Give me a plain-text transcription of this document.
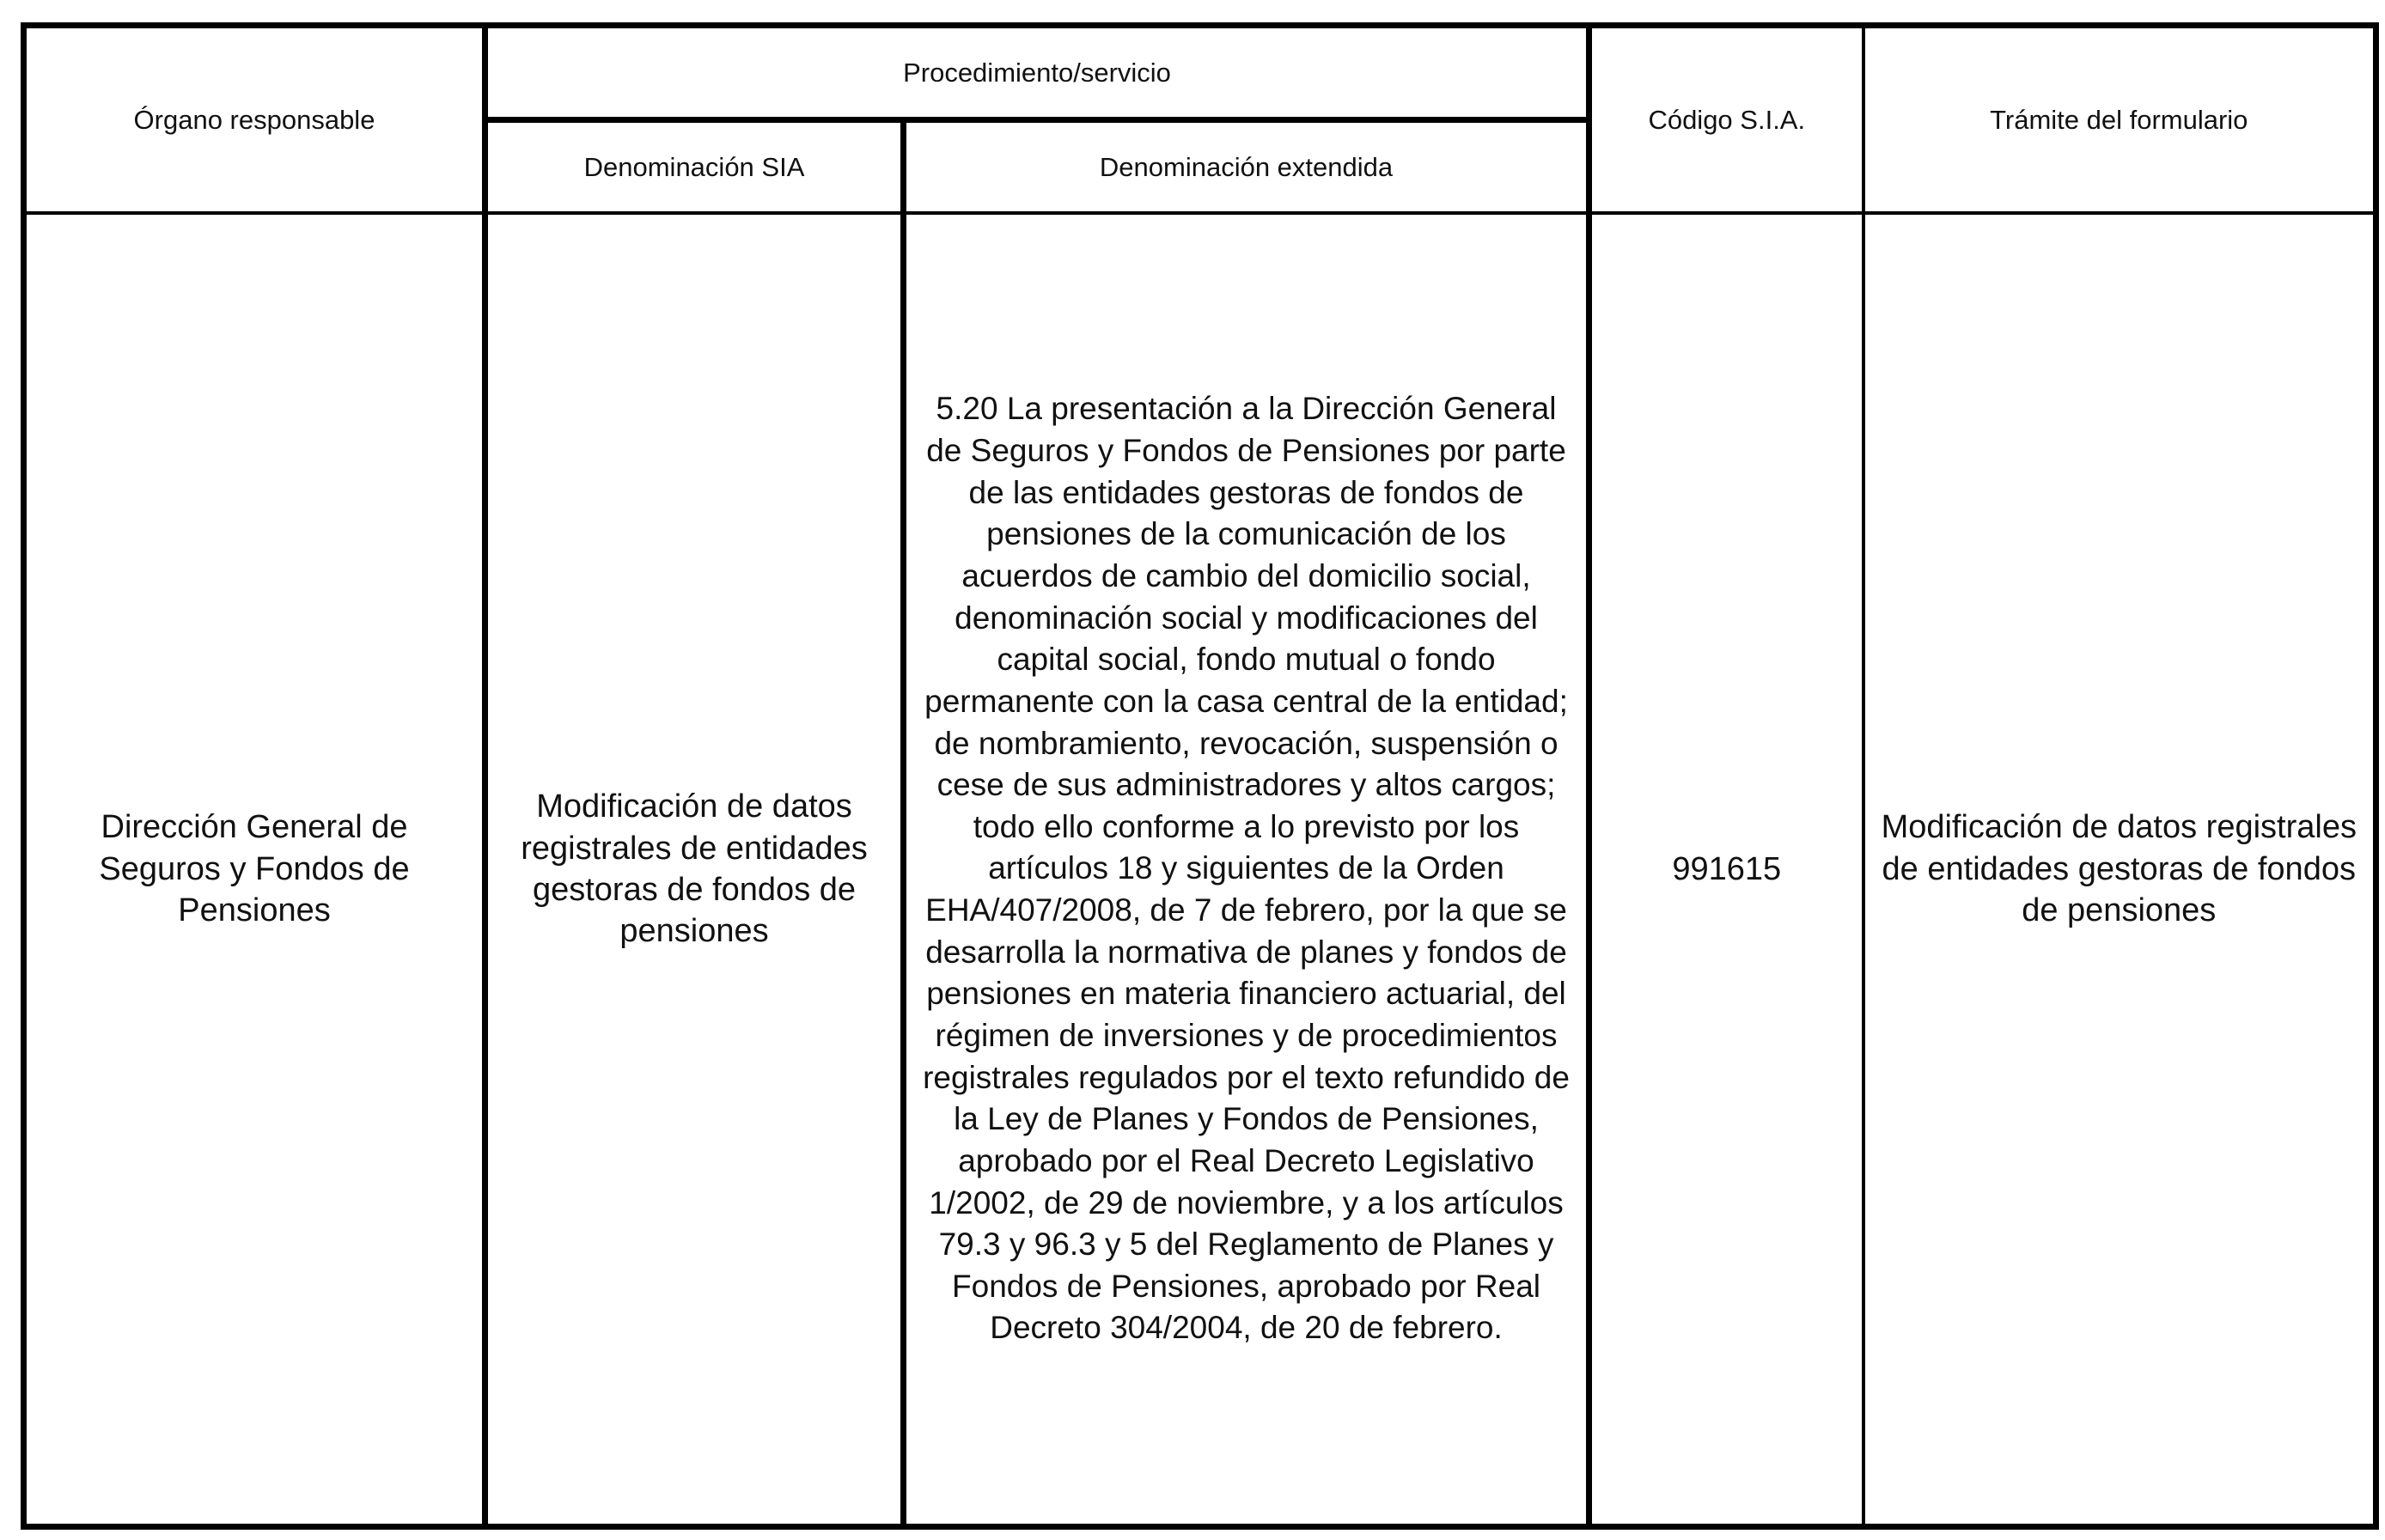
Órgano responsable	Procedimiento/servicio		Código S.I.A.	Trámite del formulario

	Denominación SIA	Denominación extendida		

Dirección General de Seguros y Fondos de Pensiones	Modificación de datos registrales de entidades gestoras de fondos de pensiones	5.20 La presentación a la Dirección General de Seguros y Fondos de Pensiones por parte de las entidades gestoras de fondos de pensiones de la comunicación de los acuerdos de cambio del domicilio social, denominación social y modificaciones del capital social, fondo mutual o fondo permanente con la casa central de la entidad; de nombramiento, revocación, suspensión o cese de sus administradores y altos cargos; todo ello conforme a lo previsto por los artículos 18 y siguientes de la Orden EHA/407/2008, de 7 de febrero, por la que se desarrolla la normativa de planes y fondos de pensiones en materia financiero actuarial, del régimen de inversiones y de procedimientos registrales regulados por el texto refundido de la Ley de Planes y Fondos de Pensiones, aprobado por el Real Decreto Legislativo 1/2002, de 29 de noviembre, y a los artículos 79.3 y 96.3 y 5 del Reglamento de Planes y Fondos de Pensiones, aprobado por Real Decreto 304/2004, de 20 de febrero.	991615	Modificación de datos registrales de entidades gestoras de fondos de pensiones
